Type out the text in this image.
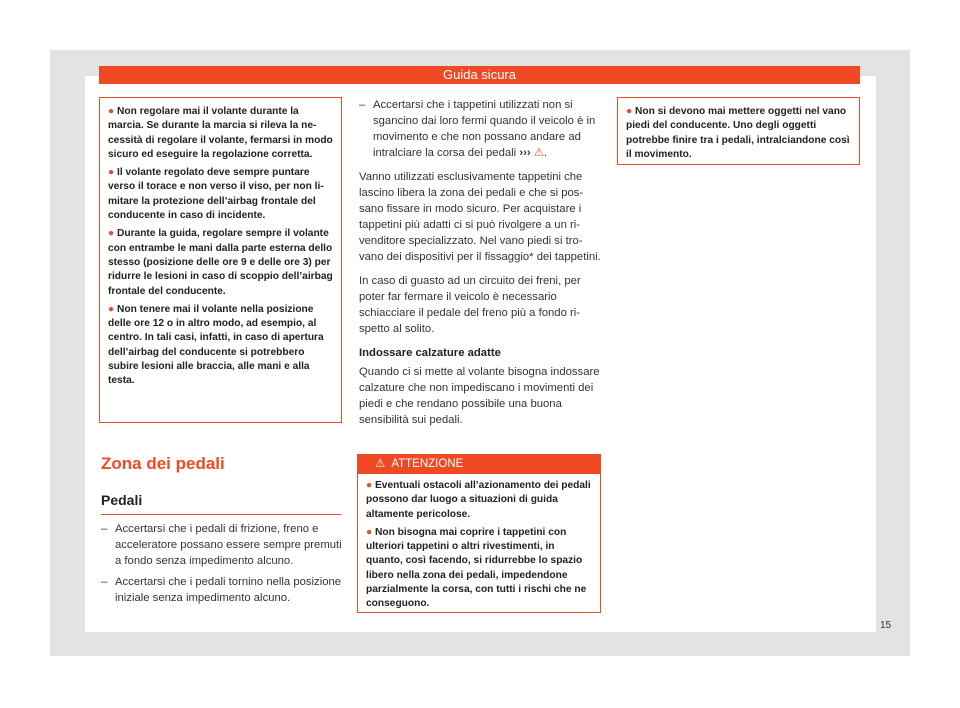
Guida sicura

● Non regolare mai il volante durante la marcia. Se durante la marcia si rileva la necessità di regolare il volante, fermarsi in modo sicuro ed eseguire la regolazione corretta.

● Il volante regolato deve sempre puntare verso il torace e non verso il viso, per non limitare la protezione dell’airbag frontale del conducente in caso di incidente.

● Durante la guida, regolare sempre il volante con entrambe le mani dalla parte esterna dello stesso (posizione delle ore 9 e delle ore 3) per ridurre le lesioni in caso di scoppio dell’airbag frontale del conducente.

● Non tenere mai il volante nella posizione delle ore 12 o in altro modo, ad esempio, al centro. In tali casi, infatti, in caso di apertura dell’airbag del conducente si potrebbero subire lesioni alle braccia, alle mani e alla testa.

Zona dei pedali
Pedali
– Accertarsi che i pedali di frizione, freno e acceleratore possano essere sempre premuti a fondo senza impedimento alcuno.
– Accertarsi che i pedali tornino nella posizione iniziale senza impedimento alcuno.
– Accertarsi che i tappetini utilizzati non si sgancino dai loro fermi quando il veicolo è in movimento e che non possano andare ad intralciare la corsa dei pedali ››› ⚠.

Vanno utilizzati esclusivamente tappetini che lascino libera la zona dei pedali e che si possano fissare in modo sicuro. Per acquistare i tappetini più adatti ci si può rivolgere a un rivenditore specializzato. Nel vano piedi si trovano dei dispositivi per il fissaggio* dei tappetini.

In caso di guasto ad un circuito dei freni, per poter far fermare il veicolo è necessario schiacciare il pedale del freno più a fondo rispetto al solito.

Indossare calzature adatte

Quando ci si mette al volante bisogna indossare calzature che non impediscano i movimenti dei piedi e che rendano possibile una buona sensibilità sui pedali.

⚠ ATTENZIONE

● Eventuali ostacoli all’azionamento dei pedali possono dar luogo a situazioni di guida altamente pericolose.

● Non bisogna mai coprire i tappetini con ulteriori tappetini o altri rivestimenti, in quanto, così facendo, si ridurrebbe lo spazio libero nella zona dei pedali, impedendone parzialmente la corsa, con tutti i rischi che ne conseguono.

● Non si devono mai mettere oggetti nel vano piedi del conducente. Uno degli oggetti potrebbe finire tra i pedali, intralciandone così il movimento.

15
